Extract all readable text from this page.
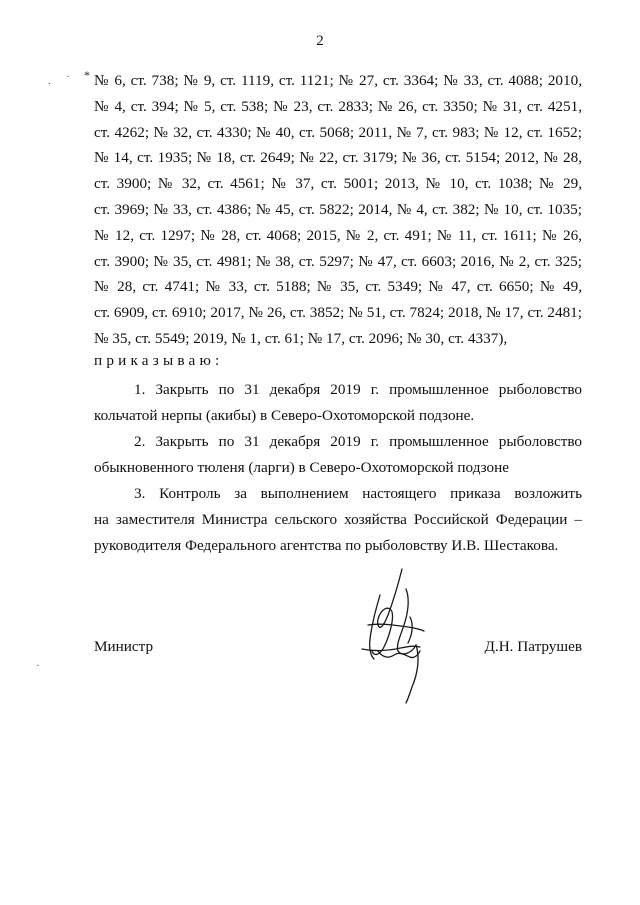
. · *
·
2
№ 6, ст. 738; № 9, ст. 1119, ст. 1121; № 27, ст. 3364; № 33, ст. 4088; 2010,
№ 4, ст. 394; № 5, ст. 538; № 23, ст. 2833; № 26, ст. 3350; № 31, ст. 4251,
ст. 4262; № 32, ст. 4330; № 40, ст. 5068; 2011, № 7, ст. 983; № 12, ст. 1652;
№ 14, ст. 1935; № 18, ст. 2649; № 22, ст. 3179; № 36, ст. 5154; 2012, № 28,
ст. 3900; № 32, ст. 4561; № 37, ст. 5001; 2013, № 10, ст. 1038; № 29,
ст. 3969; № 33, ст. 4386; № 45, ст. 5822; 2014, № 4, ст. 382; № 10, ст. 1035;
№ 12, ст. 1297; № 28, ст. 4068; 2015, № 2, ст. 491; № 11, ст. 1611; № 26,
ст. 3900; № 35, ст. 4981; № 38, ст. 5297; № 47, ст. 6603; 2016, № 2, ст. 325;
№ 28, ст. 4741; № 33, ст. 5188; № 35, ст. 5349; № 47, ст. 6650; № 49,
ст. 6909, ст. 6910; 2017, № 26, ст. 3852; № 51, ст. 7824; 2018, № 17, ст. 2481;
№ 35, ст. 5549; 2019, № 1, ст. 61; № 17, ст. 2096; № 30, ст. 4337),
приказываю:
1. Закрыть по 31 декабря 2019 г. промышленное рыболовство
кольчатой нерпы (акибы) в Северо-Охотоморской подзоне.
2. Закрыть по 31 декабря 2019 г. промышленное рыболовство
обыкновенного тюленя (ларги) в Северо-Охотоморской подзоне
3. Контроль за выполнением настоящего приказа возложить
на заместителя Министра сельского хозяйства Российской Федерации –
руководителя Федерального агентства по рыболовству И.В. Шестакова.
Министр	Д.Н. Патрушев
